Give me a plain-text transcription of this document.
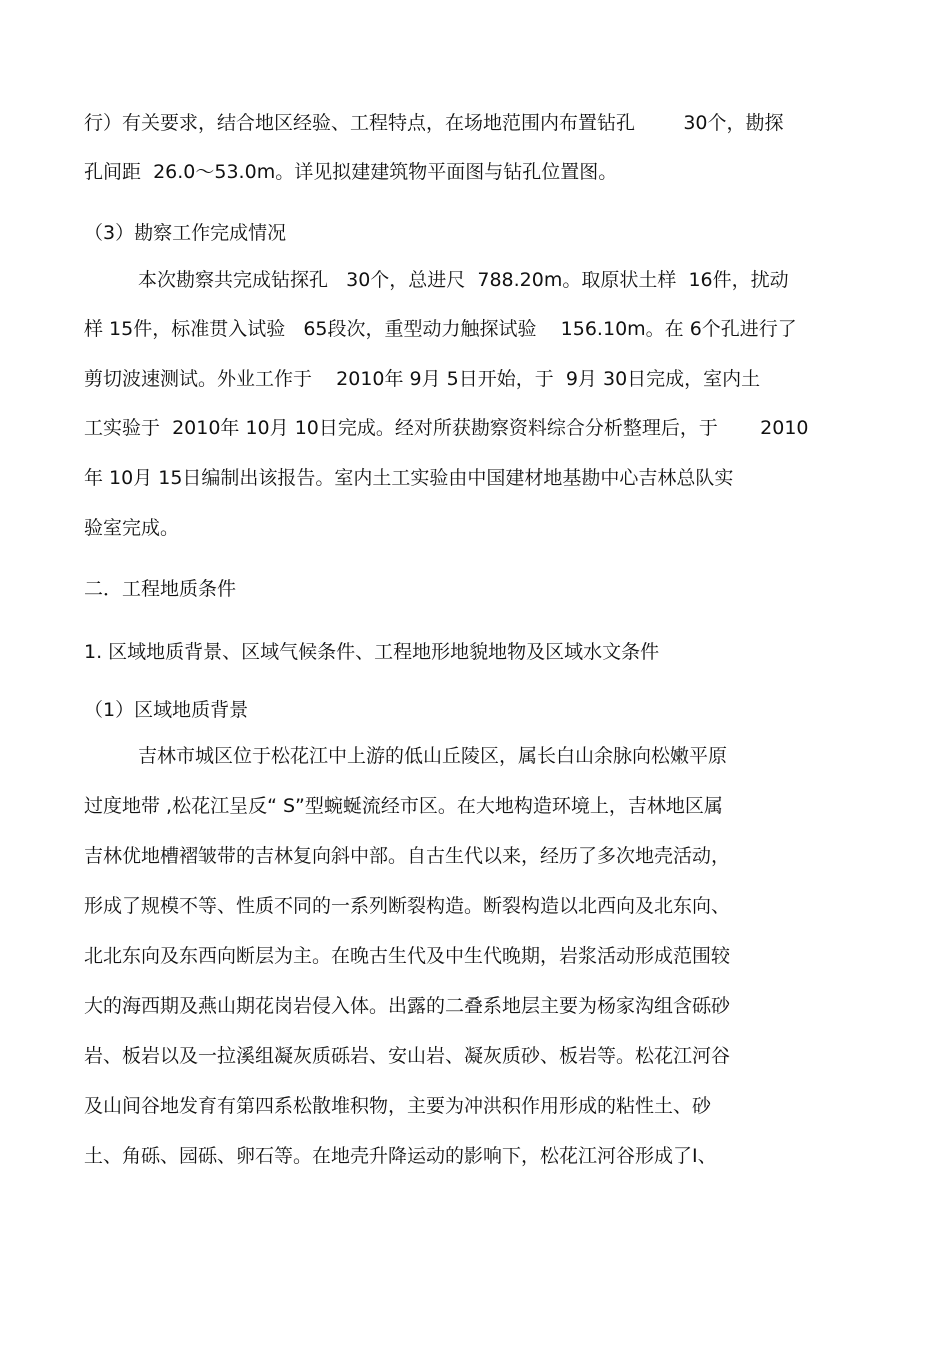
行）有关要求，结合地区经验、工程特点，在场地范围内布置钻孔        30个，勘探
孔间距  26.0～53.0m。详见拟建建筑物平面图与钻孔位置图。
（3）勘察工作完成情况
本次勘察共完成钻探孔   30个，总进尺  788.20m。取原状土样  16件，扰动
样 15件，标准贯入试验   65段次，重型动力触探试验    156.10m。在 6个孔进行了
剪切波速测试。外业工作于    2010年 9月 5日开始，于  9月 30日完成，室内土
工实验于  2010年 10月 10日完成。经对所获勘察资料综合分析整理后，于       2010
年 10月 15日编制出该报告。室内土工实验由中国建材地基勘中心吉林总队实
验室完成。
二．工程地质条件
1. 区域地质背景、区域气候条件、工程地形地貌地物及区域水文条件
（1）区域地质背景
吉林市城区位于松花江中上游的低山丘陵区，属长白山余脉向松嫩平原
过度地带 ,松花江呈反“ S”型蜿蜒流经市区。在大地构造环境上，吉林地区属
吉林优地槽褶皱带的吉林复向斜中部。自古生代以来，经历了多次地壳活动，
形成了规模不等、性质不同的一系列断裂构造。断裂构造以北西向及北东向、
北北东向及东西向断层为主。在晚古生代及中生代晚期，岩浆活动形成范围较
大的海西期及燕山期花岗岩侵入体。出露的二叠系地层主要为杨家沟组含砾砂
岩、板岩以及一拉溪组凝灰质砾岩、安山岩、凝灰质砂、板岩等。松花江河谷
及山间谷地发育有第四系松散堆积物，主要为冲洪积作用形成的粘性土、砂
土、角砾、园砾、卵石等。在地壳升降运动的影响下，松花江河谷形成了Ⅰ、
